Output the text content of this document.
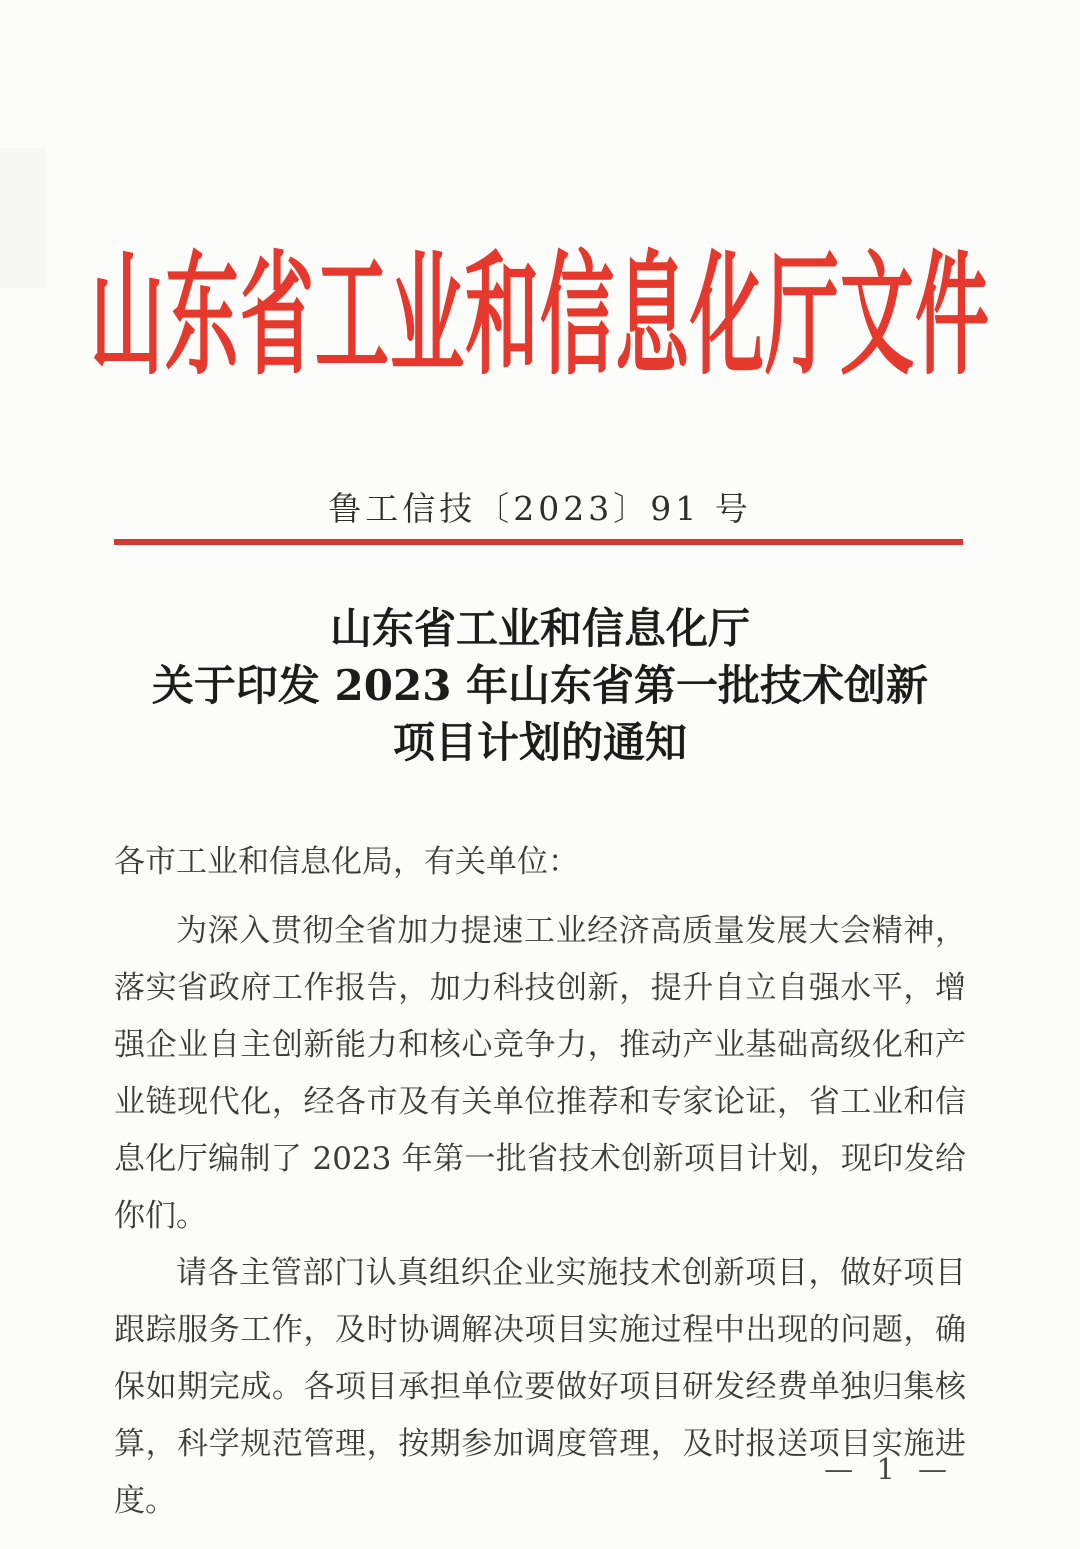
山东省工业和信息化厅文件
鲁工信技〔2023〕91 号
山东省工业和信息化厅
关于印发 2023 年山东省第一批技术创新
项目计划的通知

各市工业和信息化局，有关单位：

为深入贯彻全省加力提速工业经济高质量发展大会精神，落实省政府工作报告，加力科技创新，提升自立自强水平，增强企业自主创新能力和核心竞争力，推动产业基础高级化和产业链现代化，经各市及有关单位推荐和专家论证，省工业和信息化厅编制了 2023 年第一批省技术创新项目计划，现印发给你们。

请各主管部门认真组织企业实施技术创新项目，做好项目跟踪服务工作，及时协调解决项目实施过程中出现的问题，确保如期完成。各项目承担单位要做好项目研发经费单独归集核算，科学规范管理，按期参加调度管理，及时报送项目实施进度。

— 1 —
